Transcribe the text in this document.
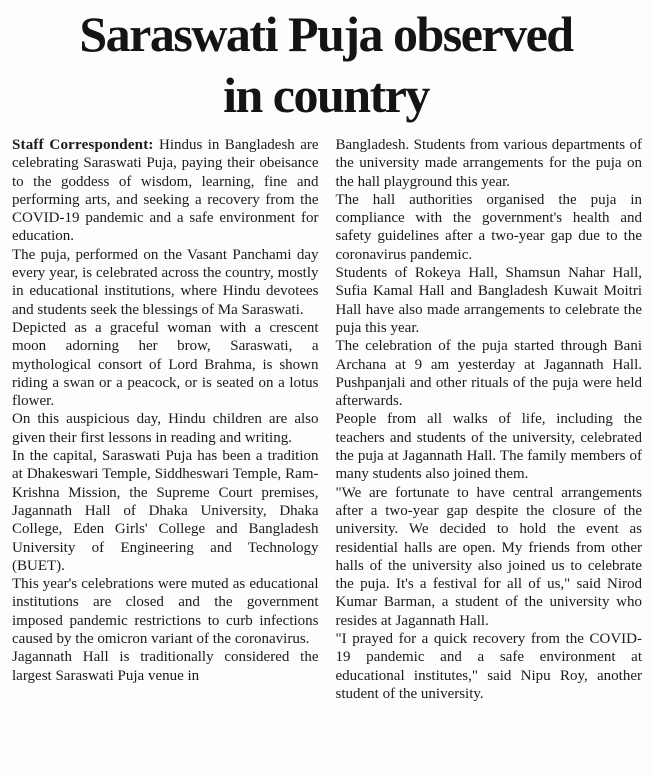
Saraswati Puja observed
in country

Staff Correspondent: Hindus in Bangladesh are celebrating Saraswati Puja, paying their obeisance to the goddess of wisdom, learning, fine and performing arts, and seeking a recovery from the COVID-19 pandemic and a safe environment for education.

The puja, performed on the Vasant Panchami day every year, is celebrated across the country, mostly in educational institutions, where Hindu devotees and students seek the blessings of Ma Saraswati.

Depicted as a graceful woman with a crescent moon adorning her brow, Saraswati, a mythological consort of Lord Brahma, is shown riding a swan or a peacock, or is seated on a lotus flower.

On this auspicious day, Hindu children are also given their first lessons in reading and writing.

In the capital, Saraswati Puja has been a tradition at Dhakeswari Temple, Siddheswari Temple, Ram-Krishna Mission, the Supreme Court premises, Jagannath Hall of Dhaka University, Dhaka College, Eden Girls' College and Bangladesh University of Engineering and Technology (BUET).

This year's celebrations were muted as educational institutions are closed and the government imposed pandemic restrictions to curb infections caused by the omicron variant of the coronavirus.

Jagannath Hall is traditionally considered the largest Saraswati Puja venue in

Bangladesh. Students from various departments of the university made arrangements for the puja on the hall playground this year.

The hall authorities organised the puja in compliance with the government's health and safety guidelines after a two-year gap due to the coronavirus pandemic.

Students of Rokeya Hall, Shamsun Nahar Hall, Sufia Kamal Hall and Bangladesh Kuwait Moitri Hall have also made arrangements to celebrate the puja this year.

The celebration of the puja started through Bani Archana at 9 am yesterday at Jagannath Hall. Pushpanjali and other rituals of the puja were held afterwards.

People from all walks of life, including the teachers and students of the university, celebrated the puja at Jagannath Hall. The family members of many students also joined them.

"We are fortunate to have central arrangements after a two-year gap despite the closure of the university. We decided to hold the event as residential halls are open. My friends from other halls of the university also joined us to celebrate the puja. It's a festival for all of us," said Nirod Kumar Barman, a student of the university who resides at Jagannath Hall.

"I prayed for a quick recovery from the COVID-19 pandemic and a safe environment at educational institutes," said Nipu Roy, another student of the university.
